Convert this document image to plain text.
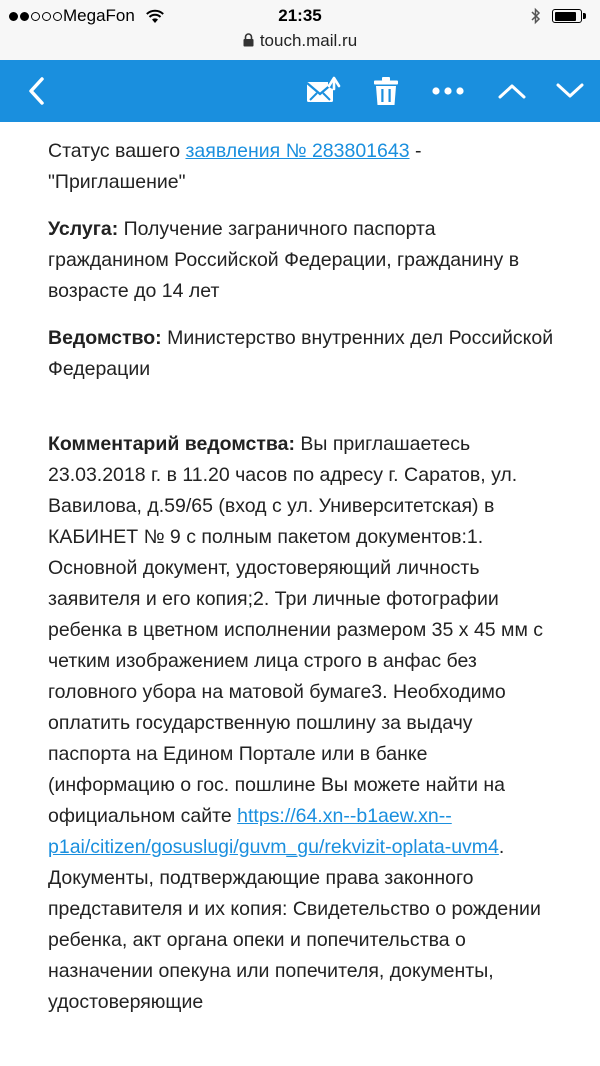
MegaFon	21:35
touch.mail.ru

Статус вашего заявления № 283801643 -
"Приглашение"

Услуга: Получение заграничного паспорта гражданином Российской Федерации, гражданину в возрасте до 14 лет

Ведомство: Министерство внутренних дел Российской Федерации

Комментарий ведомства: Вы приглашаетесь 23.03.2018 г. в 11.20 часов по адресу г. Саратов, ул. Вавилова, д.59/65 (вход с ул. Университетская) в КАБИНЕТ № 9 с полным пакетом документов:1. Основной документ, удостоверяющий личность заявителя и его копия;2. Три личные фотографии ребенка в цветном исполнении размером 35 х 45 мм с четким изображением лица строго в анфас без головного убора на матовой бумаге3. Необходимо оплатить государственную пошлину за выдачу паспорта на Едином Портале или в банке (информацию о гос. пошлине Вы можете найти на официальном сайте https://64.xn--b1aew.xn--p1ai/citizen/gosuslugi/guvm_gu/rekvizit-oplata-uvm4. Документы, подтверждающие права законного представителя и их копия: Свидетельство о рождении ребенка, акт органа опеки и попечительства о назначении опекуна или попечителя, документы, удостоверяющие
